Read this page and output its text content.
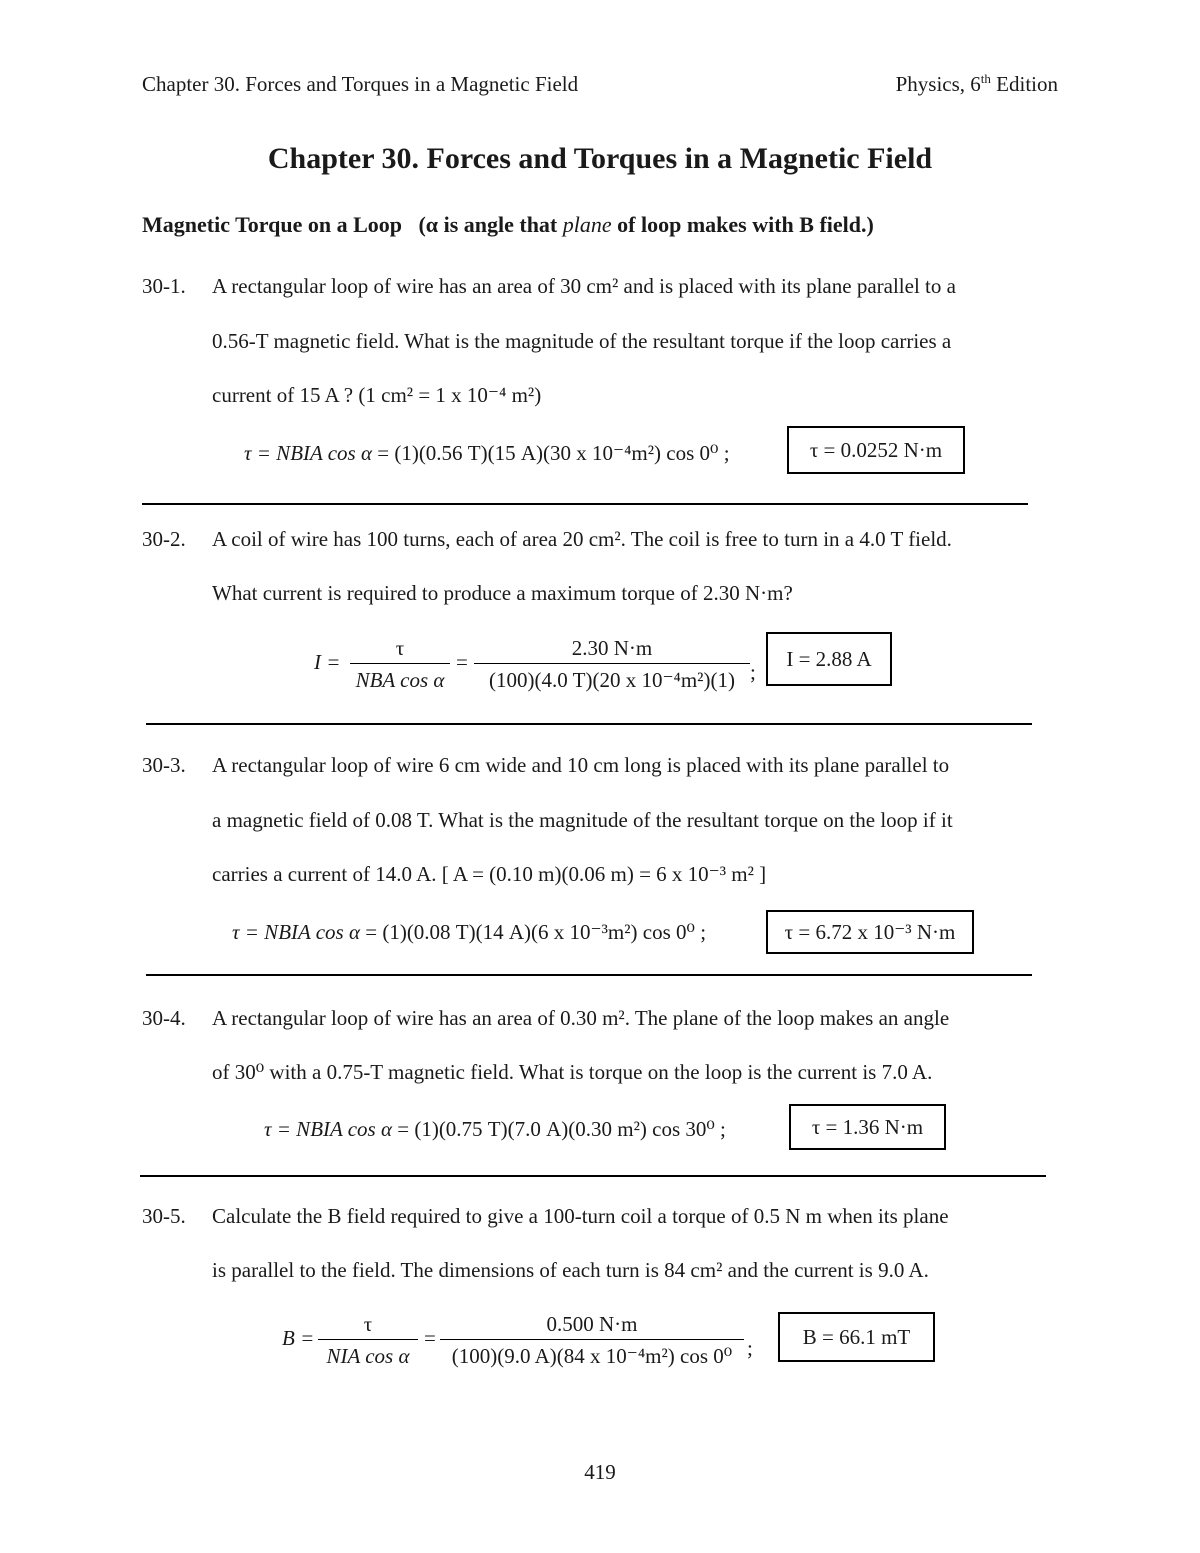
Chapter 30. Forces and Torques in a Magnetic Field	Physics, 6th Edition
Chapter 30. Forces and Torques in a Magnetic Field
Magnetic Torque on a Loop (α is angle that plane of loop makes with B field.)
30-1. A rectangular loop of wire has an area of 30 cm² and is placed with its plane parallel to a
0.56-T magnetic field. What is the magnitude of the resultant torque if the loop carries a
current of 15 A ? (1 cm² = 1 x 10⁻⁴ m²)
τ = NBIA cos α = (1)(0.56 T)(15 A)(30 x 10⁻⁴m²) cos 0⁰ ;	τ = 0.0252 N·m
30-2. A coil of wire has 100 turns, each of area 20 cm². The coil is free to turn in a 4.0 T field.
What current is required to produce a maximum torque of 2.30 N·m?
I =
τ
NBA cos α
=
2.30 N·m
(100)(4.0 T)(20 x 10⁻⁴m²)(1) ;
I = 2.88 A
30-3. A rectangular loop of wire 6 cm wide and 10 cm long is placed with its plane parallel to
a magnetic field of 0.08 T. What is the magnitude of the resultant torque on the loop if it
carries a current of 14.0 A. [ A = (0.10 m)(0.06 m) = 6 x 10⁻³ m² ]
τ = NBIA cos α = (1)(0.08 T)(14 A)(6 x 10⁻³m²) cos 0⁰ ;	τ = 6.72 x 10⁻³ N·m
30-4. A rectangular loop of wire has an area of 0.30 m². The plane of the loop makes an angle
of 30⁰ with a 0.75-T magnetic field. What is torque on the loop is the current is 7.0 A.
τ = NBIA cos α = (1)(0.75 T)(7.0 A)(0.30 m²) cos 30⁰ ;	τ = 1.36 N·m
30-5. Calculate the B field required to give a 100-turn coil a torque of 0.5 N m when its plane
is parallel to the field. The dimensions of each turn is 84 cm² and the current is 9.0 A.
B =
τ
NIA cos α
=
0.500 N·m
(100)(9.0 A)(84 x 10⁻⁴m²) cos 0⁰ ;	B = 66.1 mT
419
